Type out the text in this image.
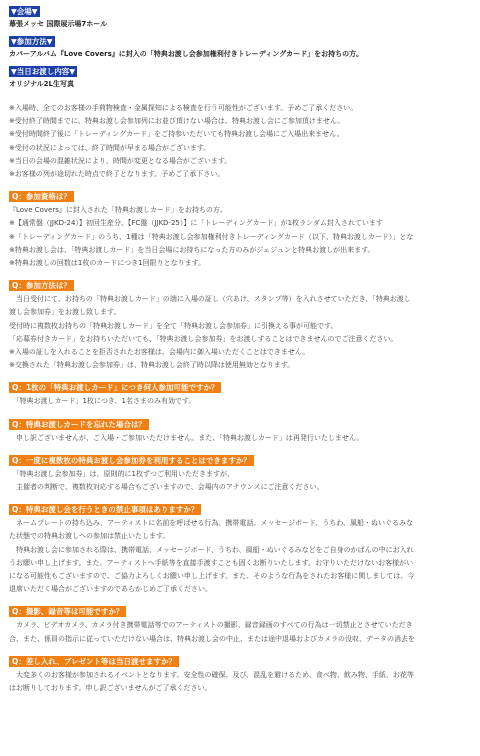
▼会場▼
幕張メッセ 国際展示場7ホール
▼参加方法▼
カバーアルバム『Love Covers』に封入の「特典お渡し会参加権利付きトレーディングカード」をお持ちの方。
▼当日お渡し内容▼
オリジナル2L生写真
※入場時、全てのお客様の手荷物検査・金属探知による検査を行う可能性がございます。予めご了承ください。
※受付終了時間までに、特典お渡し会参加列にお並び頂けない場合は、特典お渡し会にご参加頂けません。
※受付時間終了後に「トレーディングカード」をご持参いただいても特典お渡し会場にご入場出来ません。
※受付の状況によっては、終了時間が早まる場合がございます。
※当日の会場の混雑状況により、時間が変更となる場合がございます。
※お客様の列が途切れた時点で終了となります。予めご了承下さい。
Q：参加資格は？
『Love Covers』に封入された「特典お渡しカード」をお持ちの方。
※【通常盤（JJKD-24）】初回生産分、【FC盤（JJKD-25）】に「トレーディングカード」が1枚ランダム封入されています
※「トレーディングカード」のうち、1種は「特典お渡し会参加権利付きトレーディングカード（以下、特典お渡しカード）」とな
※特典お渡し会は、「特典お渡しカード」を当日会場にお持ちになった方のみがジェジュンと特典お渡しが出来ます。
※特典お渡しの回数は1枚のカードにつき1回限りとなります。
Q：参加方法は？
　当日受付にて、お持ちの「特典お渡しカード」の端に入場の証し（穴あけ、スタンプ等）を入れさせていただき、「特典お渡し
渡し会参加券」をお渡し致します。
受付時に複数枚お持ちの「特典お渡しカード」を全て「特典お渡し会参加券」に引換える事が可能です。
「応募券付きカード」をお持ちいただいても、「特典お渡し会参加券」をお渡しすることはできませんのでご注意ください。
※入場の証しを入れることを拒否されたお客様は、会場内に御入場いただくことはできません。
※交換された「特典お渡し会参加券」は、特典お渡し会終了時以降は使用無効となります。
Q：1枚の「特典お渡しカード」につき何人参加可能ですか？
　「特典お渡しカード」1枚につき、1名さまのみ有効です。
Q：特典お渡しカードを忘れた場合は？
　申し訳ございませんが、ご入場・ご参加いただけません。また、「特典お渡しカード」は再発行いたしません。
Q：一度に複数枚の特典お渡し会参加券を利用することはできますか？
　「特典お渡し会参加券」は、原則的に1枚ずつご利用いただきますが、
　主催者の判断で、複数枚対応する場合もございますので、会場内のアナウンスにご注意ください。
Q：特典お渡し会を行うときの禁止事項はありますか？
　ネームプレートの持ち込み、アーティストに名前を呼ばせる行為、携帯電話、メッセージボード、うちわ、風船・ぬいぐるみな
た状態での特典お渡しへの参加は禁止いたします。
　特典お渡し会に参加される際は、携帯電話、メッセージボード、うちわ、風船・ぬいぐるみなどをご自身のかばんの中にお入れ
うお願い申し上げます。また、アーティストへ手紙等を直接手渡すことも固くお断りいたします。お守りいただけないお客様がい
になる可能性もございますので、ご協力よろしくお願い申し上げます。また、そのような行為をされたお客様に関しましては、今
退席いただく場合がございますのであらかじめご了承ください。
Q：撮影、録音等は可能ですか？
　カメラ、ビデオカメラ、カメラ付き携帯電話等でのアーティストの撮影、録音録画のすべての行為は一切禁止とさせていただき
合、また、係員の指示に従っていただけない場合は、特典お渡し会の中止、または途中退場およびカメラの没収、データの消去を
Q：差し入れ、プレゼント等は当日渡せますか？
　大変多くのお客様が参加されるイベントとなります。安全性の確保、及び、混乱を避けるため、食べ物、飲み物、手紙、お花等
はお断りしております。申し訳ございませんがご了承ください。
